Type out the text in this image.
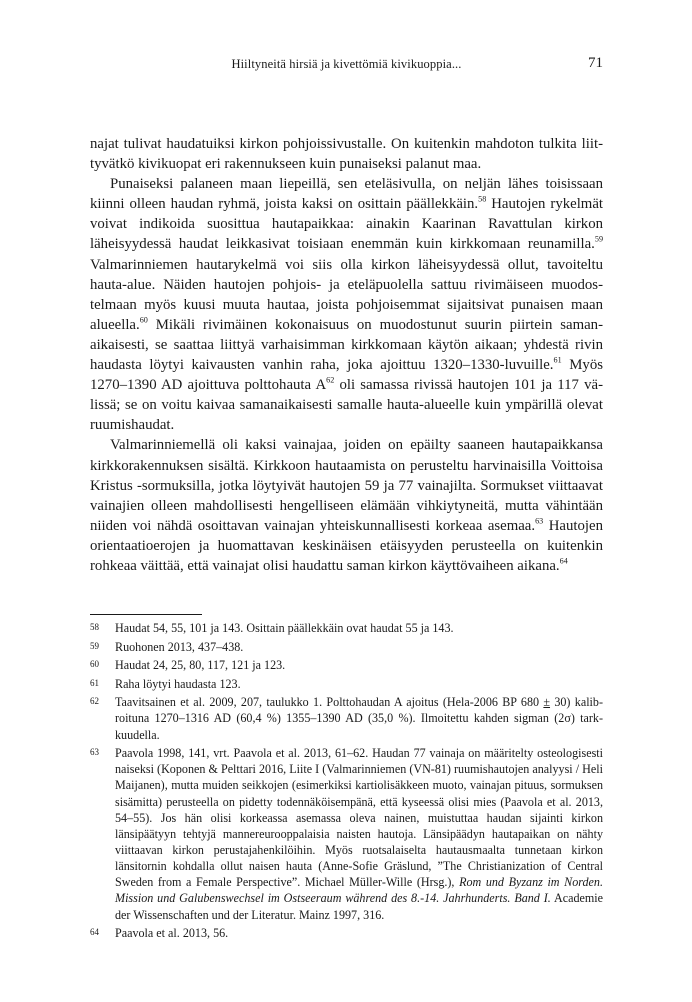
Hiiltyneitä hirsiä ja kivettömiä kivikuoppia...	71

najat tulivat haudatuiksi kirkon pohjoissivustalle. On kuitenkin mahdoton tulkita liittyvätkö kivikuopat eri rakennukseen kuin punaiseksi palanut maa.

Punaiseksi palaneen maan liepeillä, sen eteläsivulla, on neljän lähes toisissaan kiinni olleen haudan ryhmä, joista kaksi on osittain päällekkäin.$^{58}$ Hautojen rykelmät voivat indikoida suosittua hautapaikkaa: ainakin Kaarinan Ravattulan kirkon läheisyydessä haudat leikkasivat toisiaan enemmän kuin kirkkomaan reunamilla.$^{59}$ Valmarinniemen hautarykelmä voi siis olla kirkon läheisyydessä ollut, tavoiteltu hauta-alue. Näiden hautojen pohjois- ja eteläpuolella sattuu rivimäiseen muodostelmaan myös kuusi muuta hautaa, joista pohjoisemmat sijaitsivat punaisen maan alueella.$^{60}$ Mikäli rivimäinen kokonaisuus on muodostunut suurin piirtein samanaikaisesti, se saattaa liittyä varhaisimman kirkkomaan käytön aikaan; yhdestä rivin haudasta löytyi kaivausten vanhin raha, joka ajoittuu 1320–1330-luvuille.$^{61}$ Myös 1270–1390 AD ajoittuva polttohauta $A^{62}$ oli samassa rivissä hautojen 101 ja 117 välissä; se on voitu kaivaa samanaikaisesti samalle hauta-alueelle kuin ympärillä olevat ruumishaudat.

Valmarinniemellä oli kaksi vainajaa, joiden on epäilty saaneen hautapaikkansa kirkkorakennuksen sisältä. Kirkkoon hautaamista on perusteltu harvinaisilla Voittoisa Kristus -sormuksilla, jotka löytyivät hautojen 59 ja 77 vainajilta. Sormukset viittaavat vainajien olleen mahdollisesti hengelliseen elämään vihkiytyneitä, mutta vähintään niiden voi nähdä osoittavan vainajan yhteiskunnallisesti korkeaa asemaa.$^{63}$ Hautojen orientaatioerojen ja huomattavan keskinäisen etäisyyden perusteella on kuitenkin rohkeaa väittää, että vainajat olisi haudattu saman kirkon käyttövaiheen aikana.$^{64}$

58 Haudat 54, 55, 101 ja 143. Osittain päällekkäin ovat haudat 55 ja 143.
59 Ruohonen 2013, 437–438.
60 Haudat 24, 25, 80, 117, 121 ja 123.
61 Raha löytyi haudasta 123.
62 Taavitsainen et al. 2009, 207, taulukko 1. Polttohaudan A ajoitus (Hela-2006 BP 680 ± 30) kalibroituna 1270–1316 AD (60,4 %) 1355–1390 AD (35,0 %). Ilmoitettu kahden sigman (2σ) tarkkuudella.
63 Paavola 1998, 141, vrt. Paavola et al. 2013, 61–62. Haudan 77 vainaja on määritelty osteologisesti naiseksi (Koponen & Pelttari 2016, Liite I (Valmarinniemen (VN-81) ruumishautojen analyysi / Heli Maijanen), mutta muiden seikkojen (esimerkiksi kartiolisäkkeen muoto, vainajan pituus, sormuksen sisämitta) perusteella on pidetty todennäköisempänä, että kyseessä olisi mies (Paavola et al. 2013, 54–55). Jos hän olisi korkeassa asemassa oleva nainen, muistuttaa haudan sijainti kirkon länsipäätyyn tehtyjä mannereurooppalaisia naisten hautoja. Länsipäädyn hautapaikan on nähty viittaavan kirkon perustajahenkilöihin. Myös ruotsalaiselta hautausmaalta tunnetaan kirkon länsitornin kohdalla ollut naisen hauta (Anne-Sofie Gräslund, ”The Christianization of Central Sweden from a Female Perspective”. Michael Müller-Wille (Hrsg.), Rom und Byzanz im Norden. Mission und Galubenswechsel im Ostseeraum während des 8.-14. Jahrhunderts. Band I. Academie der Wissenschaften und der Literatur. Mainz 1997, 316.
64 Paavola et al. 2013, 56.
